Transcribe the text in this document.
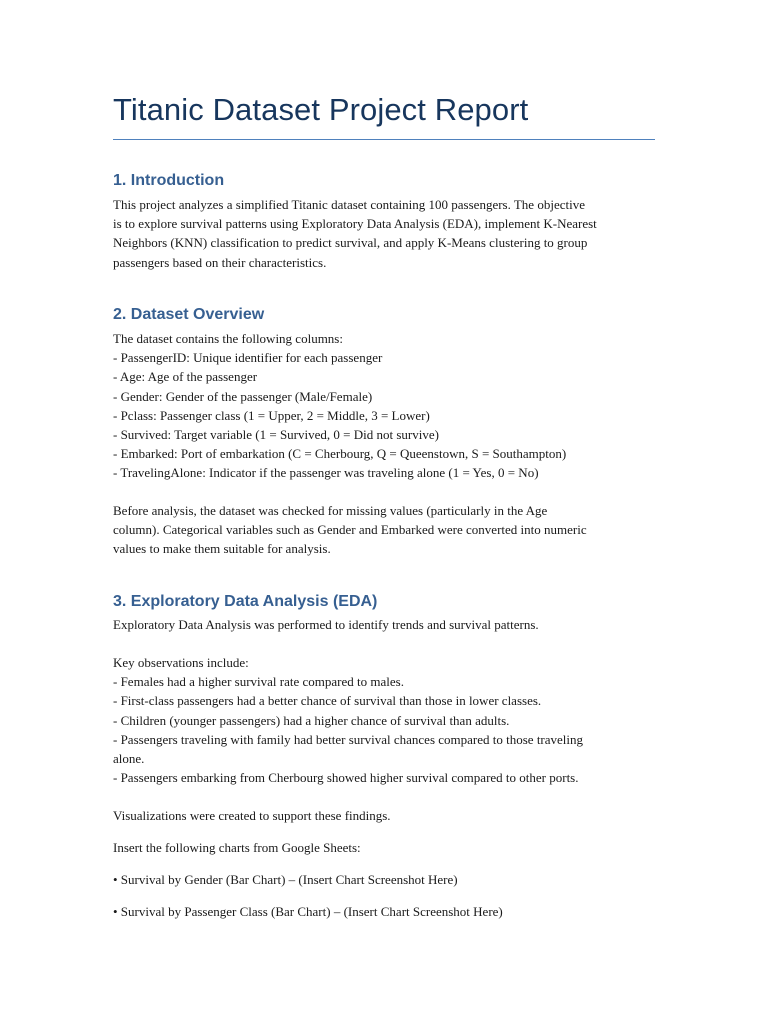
Titanic Dataset Project Report
1. Introduction
This project analyzes a simplified Titanic dataset containing 100 passengers. The objective
is to explore survival patterns using Exploratory Data Analysis (EDA), implement K-Nearest
Neighbors (KNN) classification to predict survival, and apply K-Means clustering to group
passengers based on their characteristics.
2. Dataset Overview
The dataset contains the following columns:
- PassengerID: Unique identifier for each passenger
- Age: Age of the passenger
- Gender: Gender of the passenger (Male/Female)
- Pclass: Passenger class (1 = Upper, 2 = Middle, 3 = Lower)
- Survived: Target variable (1 = Survived, 0 = Did not survive)
- Embarked: Port of embarkation (C = Cherbourg, Q = Queenstown, S = Southampton)
- TravelingAlone: Indicator if the passenger was traveling alone (1 = Yes, 0 = No)
Before analysis, the dataset was checked for missing values (particularly in the Age
column). Categorical variables such as Gender and Embarked were converted into numeric
values to make them suitable for analysis.
3. Exploratory Data Analysis (EDA)
Exploratory Data Analysis was performed to identify trends and survival patterns.
Key observations include:
- Females had a higher survival rate compared to males.
- First-class passengers had a better chance of survival than those in lower classes.
- Children (younger passengers) had a higher chance of survival than adults.
- Passengers traveling with family had better survival chances compared to those traveling
alone.
- Passengers embarking from Cherbourg showed higher survival compared to other ports.
Visualizations were created to support these findings.
Insert the following charts from Google Sheets:
• Survival by Gender (Bar Chart) – (Insert Chart Screenshot Here)
• Survival by Passenger Class (Bar Chart) – (Insert Chart Screenshot Here)
